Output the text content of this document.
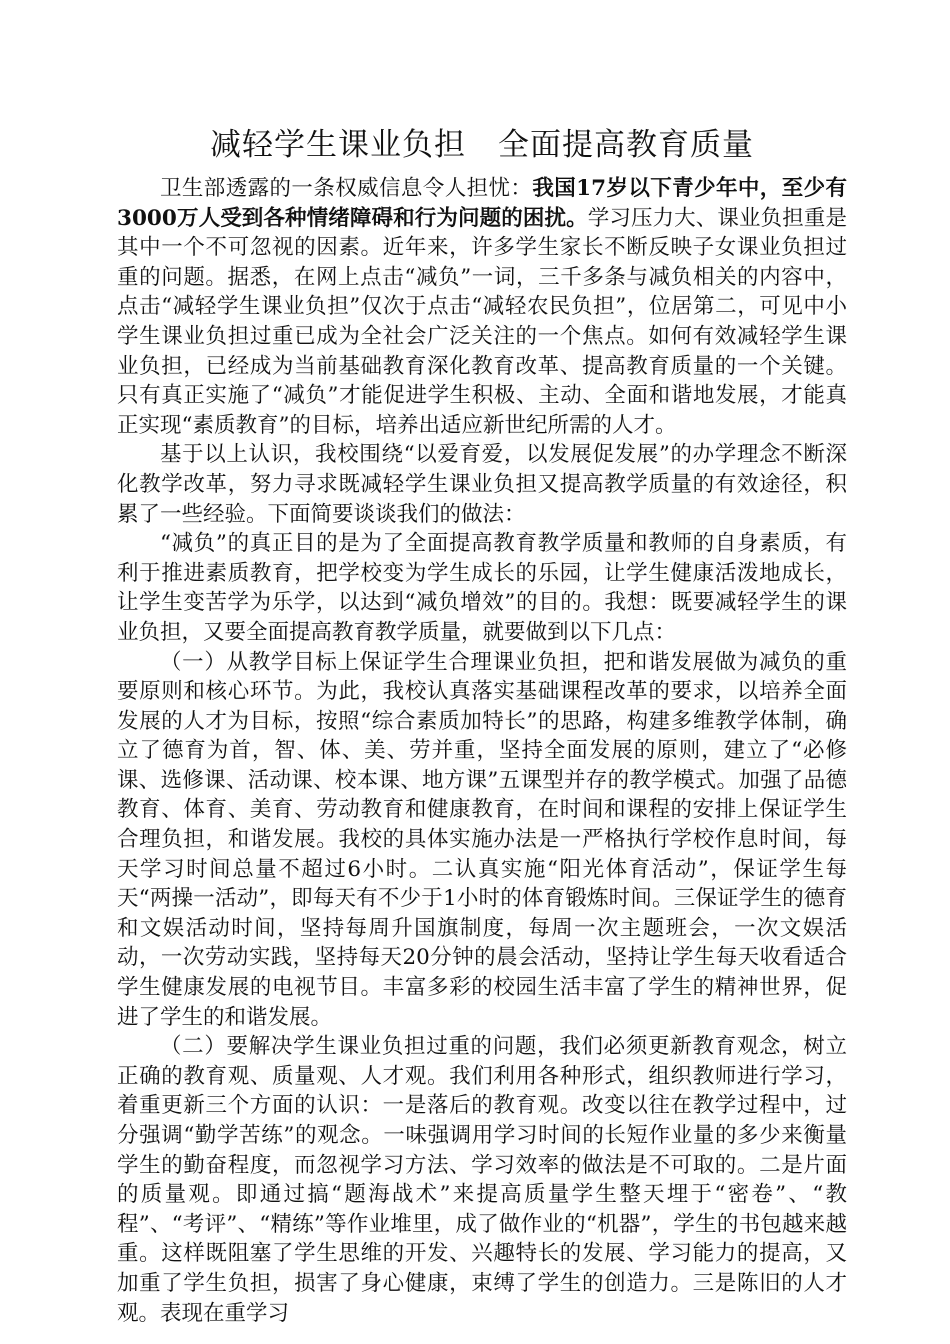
减轻学生课业负担　全面提高教育质量

卫生部透露的一条权威信息令人担忧：我国17岁以下青少年中，至少有3000万人受到各种情绪障碍和行为问题的困扰。学习压力大、课业负担重是其中一个不可忽视的因素。近年来，许多学生家长不断反映子女课业负担过重的问题。据悉，在网上点击“减负”一词，三千多条与减负相关的内容中，点击“减轻学生课业负担”仅次于点击“减轻农民负担”，位居第二，可见中小学生课业负担过重已成为全社会广泛关注的一个焦点。如何有效减轻学生课业负担，已经成为当前基础教育深化教育改革、提高教育质量的一个关键。只有真正实施了“减负”才能促进学生积极、主动、全面和谐地发展，才能真正实现“素质教育”的目标，培养出适应新世纪所需的人才。

基于以上认识，我校围绕“以爱育爱，以发展促发展”的办学理念不断深化教学改革，努力寻求既减轻学生课业负担又提高教学质量的有效途径，积累了一些经验。下面简要谈谈我们的做法：

“减负”的真正目的是为了全面提高教育教学质量和教师的自身素质，有利于推进素质教育，把学校变为学生成长的乐园，让学生健康活泼地成长，让学生变苦学为乐学，以达到“减负增效”的目的。我想：既要减轻学生的课业负担，又要全面提高教育教学质量，就要做到以下几点：

（一）从教学目标上保证学生合理课业负担，把和谐发展做为减负的重要原则和核心环节。为此，我校认真落实基础课程改革的要求，以培养全面发展的人才为目标，按照“综合素质加特长”的思路，构建多维教学体制，确立了德育为首，智、体、美、劳并重，坚持全面发展的原则，建立了“必修课、选修课、活动课、校本课、地方课”五课型并存的教学模式。加强了品德教育、体育、美育、劳动教育和健康教育，在时间和课程的安排上保证学生合理负担，和谐发展。我校的具体实施办法是一严格执行学校作息时间，每天学习时间总量不超过6小时。二认真实施“阳光体育活动”，保证学生每天“两操一活动”，即每天有不少于1小时的体育锻炼时间。三保证学生的德育和文娱活动时间，坚持每周升国旗制度，每周一次主题班会，一次文娱活动，一次劳动实践，坚持每天20分钟的晨会活动，坚持让学生每天收看适合学生健康发展的电视节目。丰富多彩的校园生活丰富了学生的精神世界，促进了学生的和谐发展。

（二）要解决学生课业负担过重的问题，我们必须更新教育观念，树立正确的教育观、质量观、人才观。我们利用各种形式，组织教师进行学习，着重更新三个方面的认识：一是落后的教育观。改变以往在教学过程中，过分强调“勤学苦练”的观念。一味强调用学习时间的长短作业量的多少来衡量学生的勤奋程度，而忽视学习方法、学习效率的做法是不可取的。二是片面的质量观。即通过搞“题海战术”来提高质量学生整天埋于“密卷”、“教程”、“考评”、“精练”等作业堆里，成了做作业的“机器”，学生的书包越来越重。这样既阻塞了学生思维的开发、兴趣特长的发展、学习能力的提高，又加重了学生负担，损害了身心健康，束缚了学生的创造力。三是陈旧的人才观。表现在重学习
